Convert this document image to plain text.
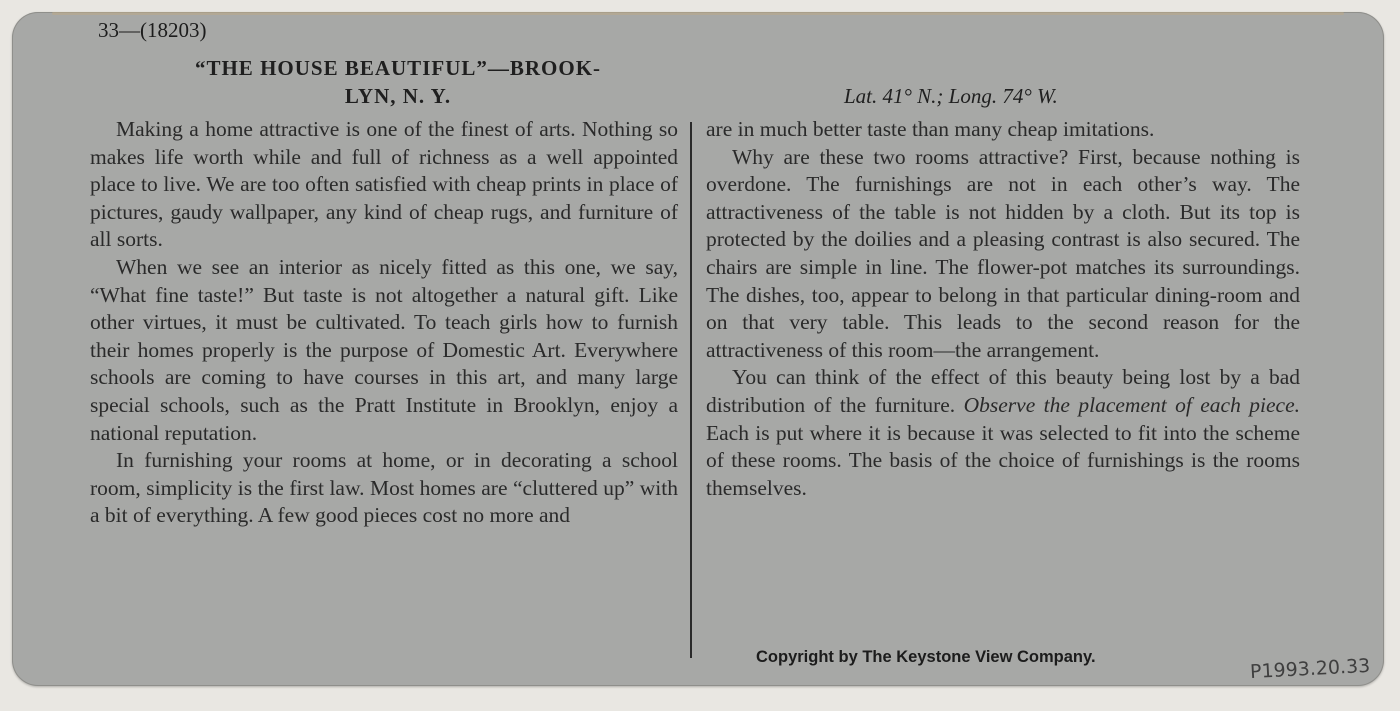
33—(18203)
“THE HOUSE BEAUTIFUL”—BROOK-
LYN, N. Y.	Lat. 41° N.; Long. 74° W.

Making a home attractive is one of the finest of arts. Nothing so makes life worth while and full of richness as a well appointed place to live. We are too often satisfied with cheap prints in place of pictures, gaudy wallpaper, any kind of cheap rugs, and furniture of all sorts.

When we see an interior as nicely fitted as this one, we say, “What fine taste!” But taste is not altogether a natural gift. Like other virtues, it must be cultivated. To teach girls how to furnish their homes properly is the purpose of Domestic Art. Everywhere schools are coming to have courses in this art, and many large special schools, such as the Pratt Institute in Brooklyn, enjoy a national reputation.

In furnishing your rooms at home, or in decorating a school room, simplicity is the first law. Most homes are “cluttered up” with a bit of everything. A few good pieces cost no more and

are in much better taste than many cheap imitations.

Why are these two rooms attractive? First, because nothing is overdone. The furnishings are not in each other’s way. The attractiveness of the table is not hidden by a cloth. But its top is protected by the doilies and a pleasing contrast is also secured. The chairs are simple in line. The flower-pot matches its surroundings. The dishes, too, appear to belong in that particular dining-room and on that very table. This leads to the second reason for the attractiveness of this room—the arrangement.

You can think of the effect of this beauty being lost by a bad distribution of the furniture. Observe the placement of each piece. Each is put where it is because it was selected to fit into the scheme of these rooms. The basis of the choice of furnishings is the rooms themselves.

Copyright by The Keystone View Company.	P1993.20.33
